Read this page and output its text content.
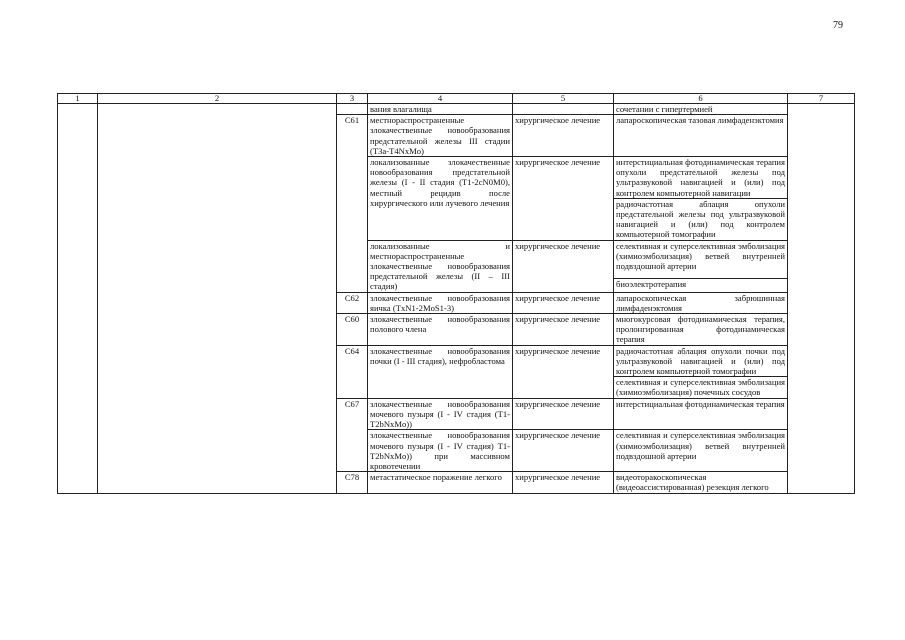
79
1	2	3	4	5	6	7
			вания влагалища		сочетании с гипертермией	
		C61	местнораспространенные злокачественные новообразования предстательной железы III стадии (T3a-T4NxMo)	хирургическое лечение	лапароскопическая тазовая лимфаденэктомия	
			локализованные злокачественные новообразования предстательной железы (I - II стадия (T1-2cN0M0), местный рецидив после хирургического или лучевого лечения	хирургическое лечение	интерстициальная фотодинамическая терапия опухоли предстательной железы под ультразвуковой навигацией и (или) под контролем компьютерной навигации	
					радиочастотная аблация опухоли предстательной железы под ультразвуковой навигацией и (или) под контролем компьютерной томографии	
			локализованные и местнораспространенные злокачественные новообразования предстательной железы (II – III стадия)	хирургическое лечение	селективная и суперселективная эмболизация (химиоэмболизация) ветвей внутренней подвздошной артерии	
					биоэлектротерапия	
		C62	злокачественные новообразования яичка (TxN1-2MoS1-3)	хирургическое лечение	лапароскопическая забрюшинная лимфаденэктомия	
		C60	злокачественные новообразования полового члена	хирургическое лечение	многокурсовая фотодинамическая терапия, пролонгированная фотодинамическая терапия	
		C64	злокачественные новообразования почки (I - III стадия), нефробластома	хирургическое лечение	радиочастотная аблация опухоли почки под ультразвуковой навигацией и (или) под контролем компьютерной томографии	
					селективная и суперселективная эмболизация (химиоэмболизация) почечных сосудов	
		C67	злокачественные новообразования мочевого пузыря (I - IV стадия (T1-T2bNxMo))	хирургическое лечение	интерстициальная фотодинамическая терапия	
			злокачественные новообразования мочевого пузыря (I - IV стадия) T1-T2bNxMo)) при массивном кровотечении	хирургическое лечение	селективная и суперселективная эмболизация (химиоэмболизация) ветвей внутренней подвздошной артерии	
		C78	метастатическое поражение легкого	хирургическое лечение	видеоторакоскопическая (видеоассистированная) резекция легкого	
